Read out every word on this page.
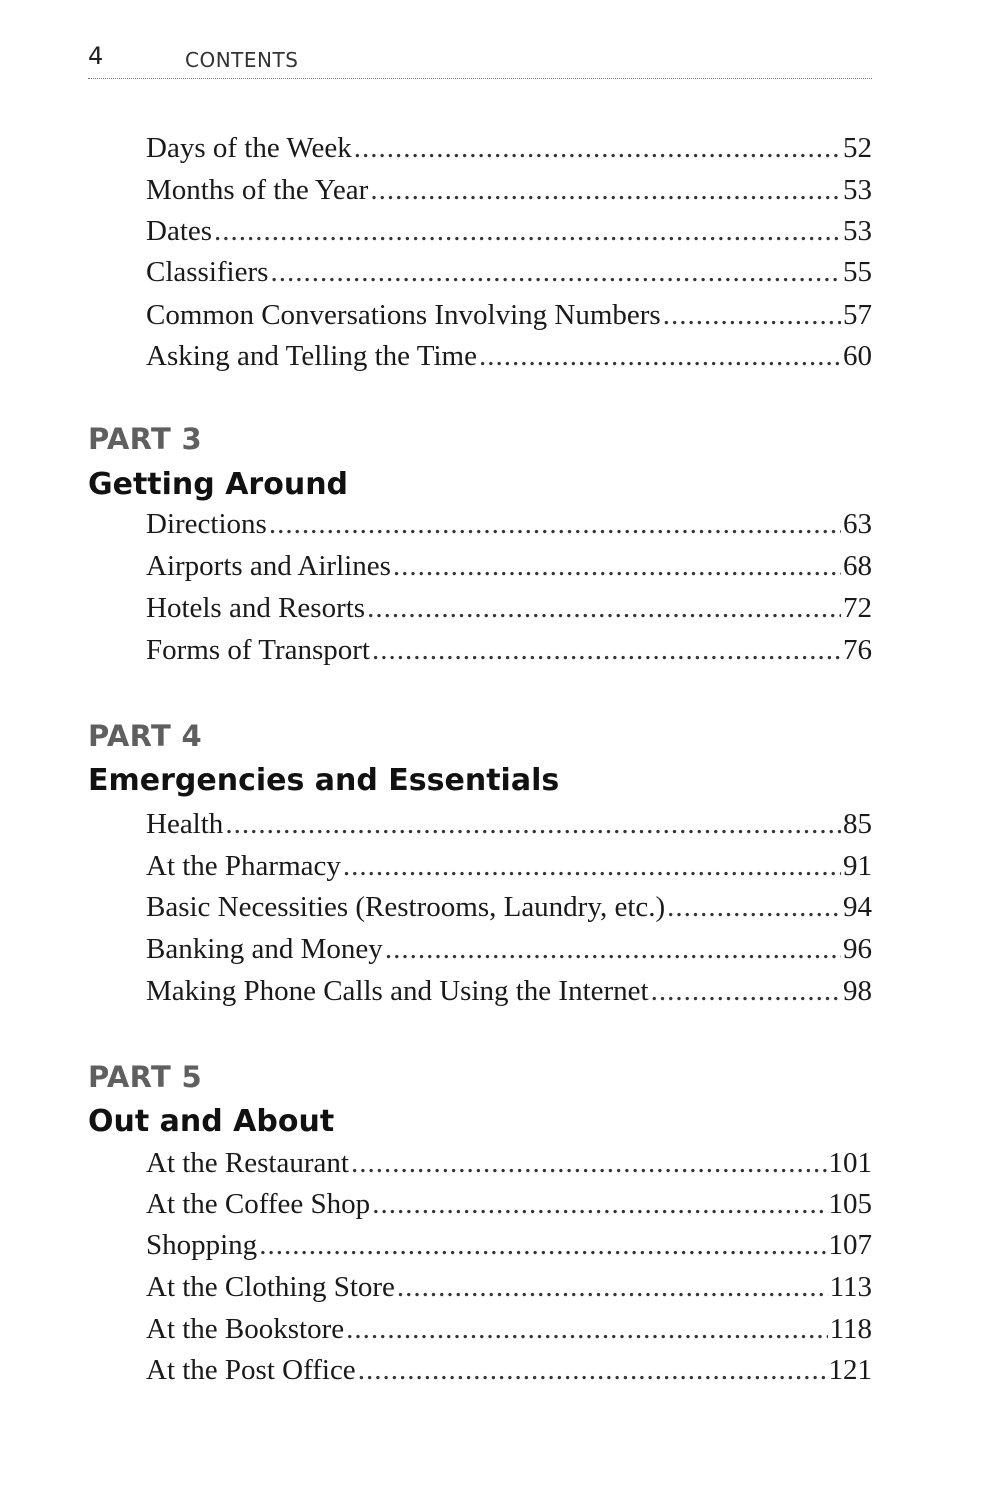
4	CONTENTS
Days of the Week .....	52
Months of the Year .....	53
Dates .....	53
Classifiers .....	55
Common Conversations Involving Numbers .....	57
Asking and Telling the Time .....	60
PART 3
Getting Around
Directions .....	63
Airports and Airlines .....	68
Hotels and Resorts .....	72
Forms of Transport .....	76
PART 4
Emergencies and Essentials
Health .....	85
At the Pharmacy .....	91
Basic Necessities (Restrooms, Laundry, etc.) .....	94
Banking and Money .....	96
Making Phone Calls and Using the Internet .....	98
PART 5
Out and About
At the Restaurant .....	101
At the Coffee Shop .....	105
Shopping .....	107
At the Clothing Store .....	113
At the Bookstore .....	118
At the Post Office .....	121
